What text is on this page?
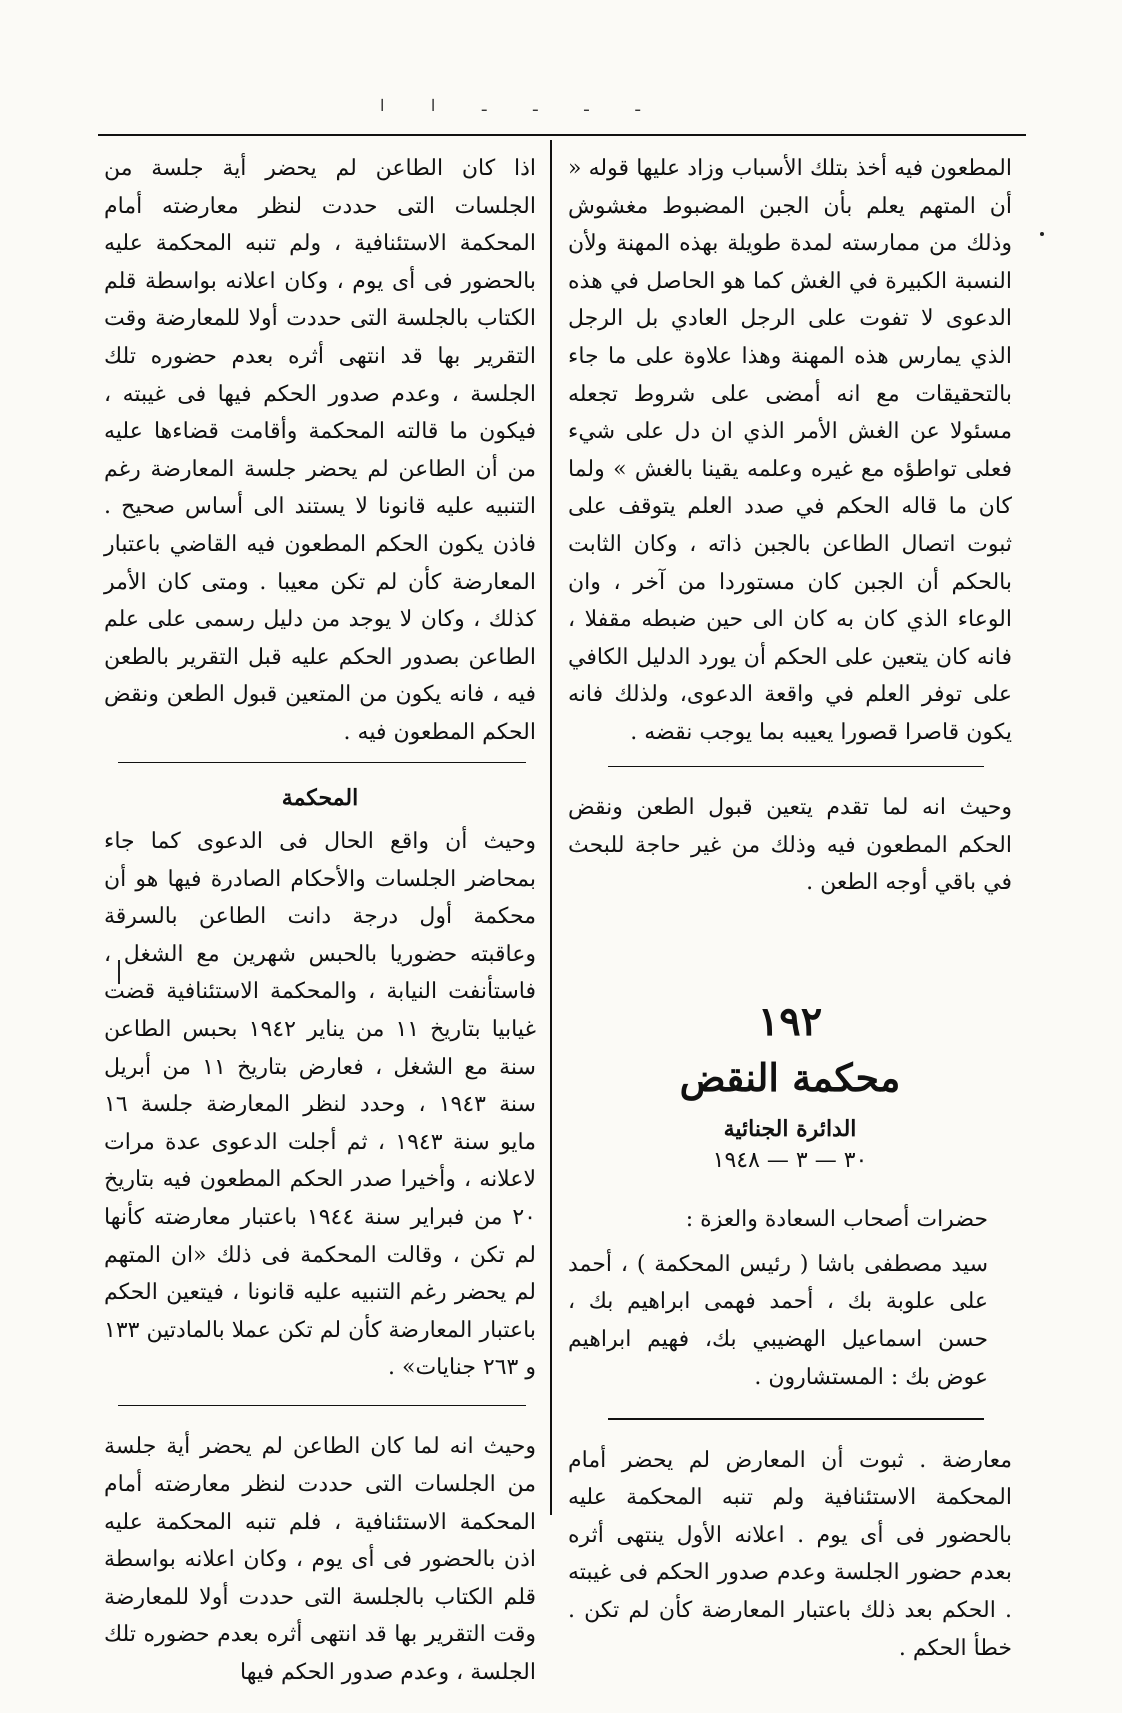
ا	ا	ـ	ـ	ـ	ـ

المطعون فيه أخذ بتلك الأسباب وزاد عليها قوله « أن المتهم يعلم بأن الجبن المضبوط مغشوش وذلك من ممارسته لمدة طويلة بهذه المهنة ولأن النسبة الكبيرة في الغش كما هو الحاصل في هذه الدعوى لا تفوت على الرجل العادي بل الرجل الذي يمارس هذه المهنة وهذا علاوة على ما جاء بالتحقيقات مع انه أمضى على شروط تجعله مسئولا عن الغش الأمر الذي ان دل على شيء فعلى تواطؤه مع غيره وعلمه يقينا بالغش » ولما كان ما قاله الحكم في صدد العلم يتوقف على ثبوت اتصال الطاعن بالجبن ذاته ، وكان الثابت بالحكم أن الجبن كان مستوردا من آخر ، وان الوعاء الذي كان به كان الى حين ضبطه مقفلا ، فانه كان يتعين على الحكم أن يورد الدليل الكافي على توفر العلم في واقعة الدعوى، ولذلك فانه يكون قاصرا قصورا يعيبه بما يوجب نقضه .

وحيث انه لما تقدم يتعين قبول الطعن ونقض الحكم المطعون فيه وذلك من غير حاجة للبحث في باقي أوجه الطعن .

١٩٢
محكمة النقض
الدائرة الجنائية
٣٠ — ٣ — ١٩٤٨
حضرات أصحاب السعادة والعزة :

سيد مصطفى باشا ( رئيس المحكمة ) ، أحمد على علوبة بك ، أحمد فهمى ابراهيم بك ، حسن اسماعيل الهضيبي بك، فهيم ابراهيم عوض بك : المستشارون .

معارضة . ثبوت أن المعارض لم يحضر أمام المحكمة الاستئنافية ولم تنبه المحكمة عليه بالحضور فى أى يوم . اعلانه الأول ينتهى أثره بعدم حضور الجلسة وعدم صدور الحكم فى غيبته . الحكم بعد ذلك باعتبار المعارضة كأن لم تكن . خطأ الحكم .

اذا كان الطاعن لم يحضر أية جلسة من الجلسات التى حددت لنظر معارضته أمام المحكمة الاستئنافية ، ولم تنبه المحكمة عليه بالحضور فى أى يوم ، وكان اعلانه بواسطة قلم الكتاب بالجلسة التى حددت أولا للمعارضة وقت التقرير بها قد انتهى أثره بعدم حضوره تلك الجلسة ، وعدم صدور الحكم فيها فى غيبته ، فيكون ما قالته المحكمة وأقامت قضاءها عليه من أن الطاعن لم يحضر جلسة المعارضة رغم التنبيه عليه قانونا لا يستند الى أساس صحيح . فاذن يكون الحكم المطعون فيه القاضي باعتبار المعارضة كأن لم تكن معيبا . ومتى كان الأمر كذلك ، وكان لا يوجد من دليل رسمى على علم الطاعن بصدور الحكم عليه قبل التقرير بالطعن فيه ، فانه يكون من المتعين قبول الطعن ونقض الحكم المطعون فيه .

المحكمة

وحيث أن واقع الحال فى الدعوى كما جاء بمحاضر الجلسات والأحكام الصادرة فيها هو أن محكمة أول درجة دانت الطاعن بالسرقة وعاقبته حضوريا بالحبس شهرين مع الشغل ، فاستأنفت النيابة ، والمحكمة الاستئنافية قضت غيابيا بتاريخ ١١ من يناير ١٩٤٢ بحبس الطاعن سنة مع الشغل ، فعارض بتاريخ ١١ من أبريل سنة ١٩٤٣ ، وحدد لنظر المعارضة جلسة ١٦ مايو سنة ١٩٤٣ ، ثم أجلت الدعوى عدة مرات لاعلانه ، وأخيرا صدر الحكم المطعون فيه بتاريخ ٢٠ من فبراير سنة ١٩٤٤ باعتبار معارضته كأنها لم تكن ، وقالت المحكمة فى ذلك «ان المتهم لم يحضر رغم التنبيه عليه قانونا ، فيتعين الحكم باعتبار المعارضة كأن لم تكن عملا بالمادتين ١٣٣ و ٢٦٣ جنايات» .

وحيث انه لما كان الطاعن لم يحضر أية جلسة من الجلسات التى حددت لنظر معارضته أمام المحكمة الاستئنافية ، فلم تنبه المحكمة عليه اذن بالحضور فى أى يوم ، وكان اعلانه بواسطة قلم الكتاب بالجلسة التى حددت أولا للمعارضة وقت التقرير بها قد انتهى أثره بعدم حضوره تلك الجلسة ، وعدم صدور الحكم فيها
